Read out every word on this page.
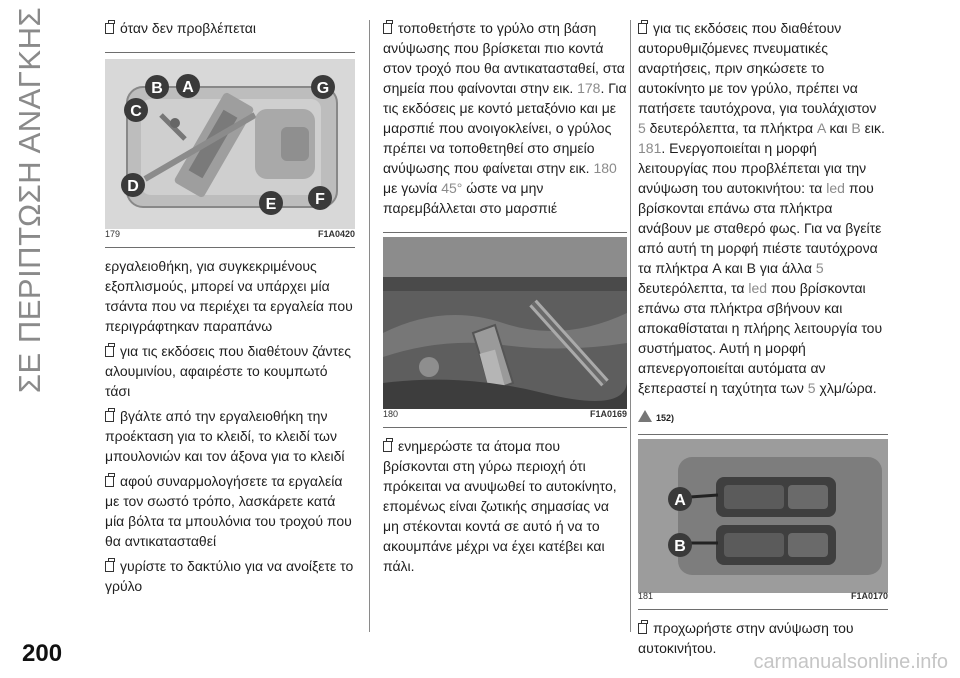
ΣΕ ΠΕΡΙΠΤΩΣΗ ΑΝΑΓΚΗΣ
200	carmanualsonline.info
όταν δεν προβλέπεται
B A	G
C
D
E F
179	F1A0420
εργαλειοθήκη, για συγκεκριμένους εξοπλισμούς, μπορεί να υπάρχει μία τσάντα που να περιέχει τα εργαλεία που περιγράφτηκαν παραπάνω
για τις εκδόσεις που διαθέτουν ζάντες αλουμινίου, αφαιρέστε το κουμπωτό τάσι
βγάλτε από την εργαλειοθήκη την προέκταση για το κλειδί, το κλειδί των μπουλονιών και τον άξονα για το κλειδί
αφού συναρμολογήσετε τα εργαλεία με τον σωστό τρόπο, λασκάρετε κατά μία βόλτα τα μπουλόνια του τροχού που θα αντικατασταθεί
γυρίστε το δακτύλιο για να ανοίξετε το γρύλο
τοποθετήστε το γρύλο στη βάση ανύψωσης που βρίσκεται πιο κοντά στον τροχό που θα αντικατασταθεί, στα σημεία που φαίνονται στην εικ. 178. Για τις εκδόσεις με κοντό μεταξόνιο και με μαρσπιέ που ανοιγοκλείνει, ο γρύλος πρέπει να τοποθετηθεί στο σημείο ανύψωσης που φαίνεται στην εικ. 180 με γωνία 45° ώστε να μην παρεμβάλλεται στο μαρσπιέ
180	F1A0169
ενημερώστε τα άτομα που βρίσκονται στη γύρω περιοχή ότι πρόκειται να ανυψωθεί το αυτοκίνητο, επομένως είναι ζωτικής σημασίας να μη στέκονται κοντά σε αυτό ή να το ακουμπάνε μέχρι να έχει κατέβει και πάλι.
για τις εκδόσεις που διαθέτουν αυτορυθμιζόμενες πνευματικές αναρτήσεις, πριν σηκώσετε το αυτοκίνητο με τον γρύλο, πρέπει να πατήσετε ταυτόχρονα, για τουλάχιστον 5 δευτερόλεπτα, τα πλήκτρα A και B εικ. 181. Ενεργοποιείται η μορφή λειτουργίας που προβλέπεται για την ανύψωση του αυτοκινήτου: τα led που βρίσκονται επάνω στα πλήκτρα ανάβουν με σταθερό φως. Για να βγείτε από αυτή τη μορφή πιέστε ταυτόχρονα τα πλήκτρα A και B για άλλα 5 δευτερόλεπτα, τα led που βρίσκονται επάνω στα πλήκτρα σβήνουν και αποκαθίσταται η πλήρης λειτουργία του συστήματος. Αυτή η μορφή απενεργοποιείται αυτόματα αν ξεπεραστεί η ταχύτητα των 5 χλμ/ώρα.
152)
A
B
181	F1A0170
προχωρήστε στην ανύψωση του αυτοκινήτου.
